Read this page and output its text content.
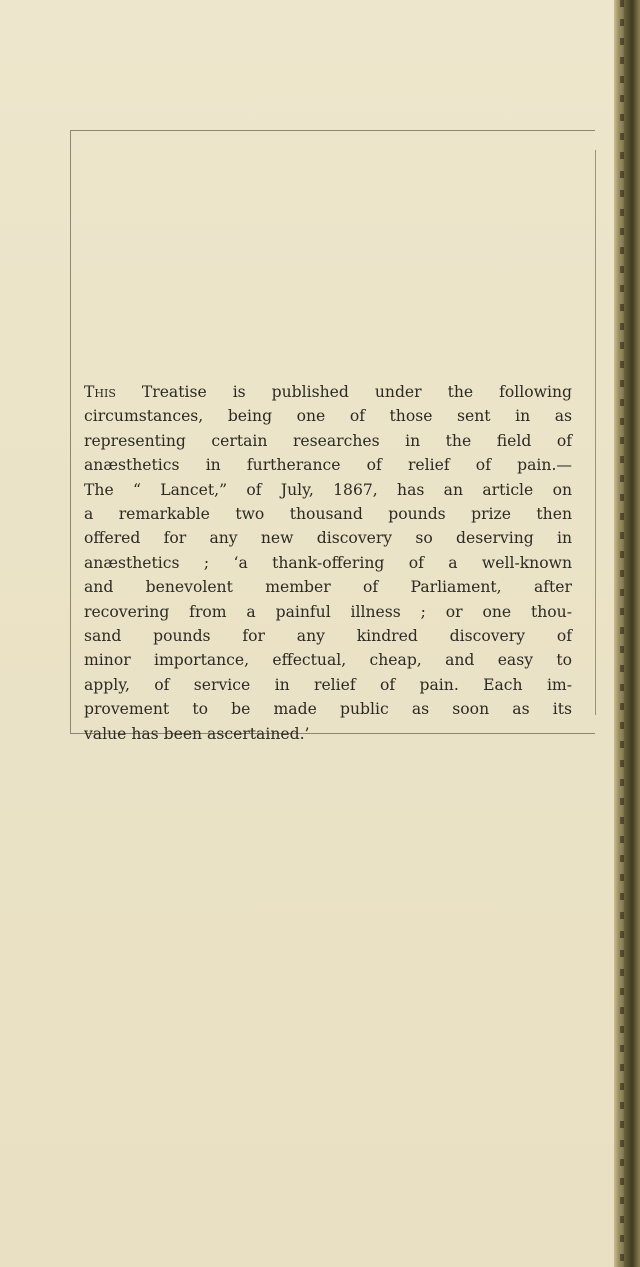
This Treatise is published under the following
circumstances, being one of those sent in as
representing certain researches in the field of
anæsthetics in furtherance of relief of pain.—
The “ Lancet,” of July, 1867, has an article on
a remarkable two thousand pounds prize then
offered for any new discovery so deserving in
anæsthetics ; ‘a thank-offering of a well-known
and benevolent member of Parliament, after
recovering from a painful illness ; or one thou-
sand pounds for any kindred discovery of
minor importance, effectual, cheap, and easy to
apply, of service in relief of pain. Each im-
provement to be made public as soon as its
value has been ascertained.’
